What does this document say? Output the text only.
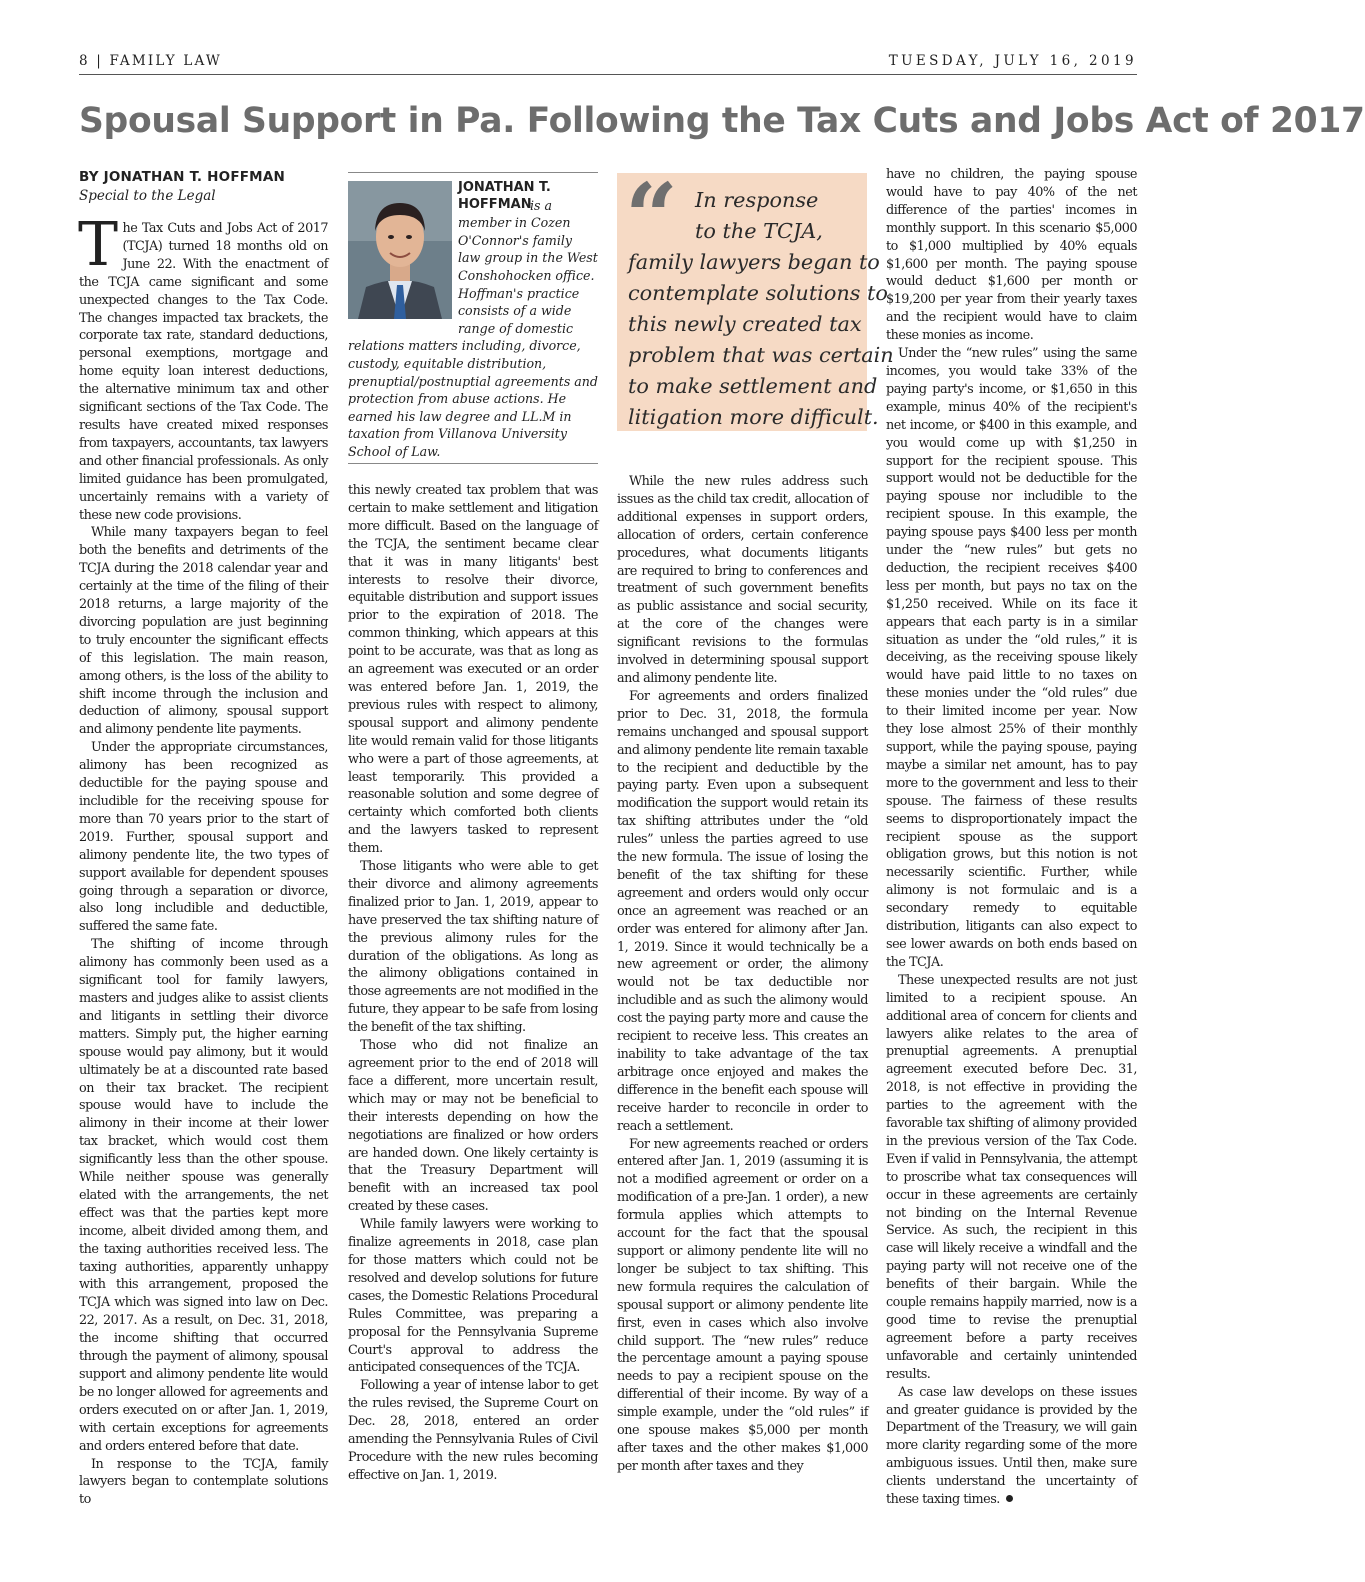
8 | FAMILY LAW	TUESDAY, JULY 16, 2019
Spousal Support in Pa. Following the Tax Cuts and Jobs Act of 2017
BY JONATHAN T. HOFFMAN
Special to the Legal

The Tax Cuts and Jobs Act of 2017 (TCJA) turned 18 months old on June 22. With the enactment of the TCJA came significant and some unexpected changes to the Tax Code. The changes impacted tax brackets, the corporate tax rate, standard deductions, personal exemptions, mortgage and home equity loan interest deductions, the alternative minimum tax and other significant sections of the Tax Code. The results have created mixed responses from taxpayers, accountants, tax lawyers and other financial professionals. As only limited guidance has been promulgated, uncertainly remains with a variety of these new code provisions.

While many taxpayers began to feel both the benefits and detriments of the TCJA during the 2018 calendar year and certainly at the time of the filing of their 2018 returns, a large majority of the divorcing population are just beginning to truly encounter the significant effects of this legislation. The main reason, among others, is the loss of the ability to shift income through the inclusion and deduction of alimony, spousal support and alimony pendente lite payments.

Under the appropriate circumstances, alimony has been recognized as deductible for the paying spouse and includible for the receiving spouse for more than 70 years prior to the start of 2019. Further, spousal support and alimony pendente lite, the two types of support available for dependent spouses going through a separation or divorce, also long includible and deductible, suffered the same fate.

The shifting of income through alimony has commonly been used as a significant tool for family lawyers, masters and judges alike to assist clients and litigants in settling their divorce matters. Simply put, the higher earning spouse would pay alimony, but it would ultimately be at a discounted rate based on their tax bracket. The recipient spouse would have to include the alimony in their income at their lower tax bracket, which would cost them significantly less than the other spouse. While neither spouse was generally elated with the arrangements, the net effect was that the parties kept more income, albeit divided among them, and the taxing authorities received less. The taxing authorities, apparently unhappy with this arrangement, proposed the TCJA which was signed into law on Dec. 22, 2017. As a result, on Dec. 31, 2018, the income shifting that occurred through the payment of alimony, spousal support and alimony pendente lite would be no longer allowed for agreements and orders executed on or after Jan. 1, 2019, with certain exceptions for agreements and orders entered before that date.

In response to the TCJA, family lawyers began to contemplate solutions to

JONATHAN T. HOFFMAN
is a
member in Cozen
O'Connor's family
law group in the West
Conshohocken office.
Hoffman's practice
consists of a wide
range of domestic
relations matters including, divorce,
custody, equitable distribution,
prenuptial/postnuptial agreements and
protection from abuse actions. He
earned his law degree and LL.M in
taxation from Villanova University
School of Law.

this newly created tax problem that was certain to make settlement and litigation more difficult. Based on the language of the TCJA, the sentiment became clear that it was in many litigants' best interests to resolve their divorce, equitable distribution and support issues prior to the expiration of 2018. The common thinking, which appears at this point to be accurate, was that as long as an agreement was executed or an order was entered before Jan. 1, 2019, the previous rules with respect to alimony, spousal support and alimony pendente lite would remain valid for those litigants who were a part of those agreements, at least temporarily. This provided a reasonable solution and some degree of certainty which comforted both clients and the lawyers tasked to represent them.

Those litigants who were able to get their divorce and alimony agreements finalized prior to Jan. 1, 2019, appear to have preserved the tax shifting nature of the previous alimony rules for the duration of the obligations. As long as the alimony obligations contained in those agreements are not modified in the future, they appear to be safe from losing the benefit of the tax shifting.

Those who did not finalize an agreement prior to the end of 2018 will face a different, more uncertain result, which may or may not be beneficial to their interests depending on how the negotiations are finalized or how orders are handed down. One likely certainty is that the Treasury Department will benefit with an increased tax pool created by these cases.

While family lawyers were working to finalize agreements in 2018, case plan for those matters which could not be resolved and develop solutions for future cases, the Domestic Relations Procedural Rules Committee, was preparing a proposal for the Pennsylvania Supreme Court's approval to address the anticipated consequences of the TCJA.

Following a year of intense labor to get the rules revised, the Supreme Court on Dec. 28, 2018, entered an order amending the Pennsylvania Rules of Civil Procedure with the new rules becoming effective on Jan. 1, 2019.

“ In response
to the TCJA,
family lawyers began to
contemplate solutions to
this newly created tax
problem that was certain
to make settlement and
litigation more difficult.

While the new rules address such issues as the child tax credit, allocation of additional expenses in support orders, allocation of orders, certain conference procedures, what documents litigants are required to bring to conferences and treatment of such government benefits as public assistance and social security, at the core of the changes were significant revisions to the formulas involved in determining spousal support and alimony pendente lite.

For agreements and orders finalized prior to Dec. 31, 2018, the formula remains unchanged and spousal support and alimony pendente lite remain taxable to the recipient and deductible by the paying party. Even upon a subsequent modification the support would retain its tax shifting attributes under the “old rules” unless the parties agreed to use the new formula. The issue of losing the benefit of the tax shifting for these agreement and orders would only occur once an agreement was reached or an order was entered for alimony after Jan. 1, 2019. Since it would technically be a new agreement or order, the alimony would not be tax deductible nor includible and as such the alimony would cost the paying party more and cause the recipient to receive less. This creates an inability to take advantage of the tax arbitrage once enjoyed and makes the difference in the benefit each spouse will receive harder to reconcile in order to reach a settlement.

For new agreements reached or orders entered after Jan. 1, 2019 (assuming it is not a modified agreement or order on a modification of a pre-Jan. 1 order), a new formula applies which attempts to account for the fact that the spousal support or alimony pendente lite will no longer be subject to tax shifting. This new formula requires the calculation of spousal support or alimony pendente lite first, even in cases which also involve child support. The “new rules” reduce the percentage amount a paying spouse needs to pay a recipient spouse on the differential of their income. By way of a simple example, under the “old rules” if one spouse makes $5,000 per month after taxes and the other makes $1,000 per month after taxes and they

have no children, the paying spouse would have to pay 40% of the net difference of the parties' incomes in monthly support. In this scenario $5,000 to $1,000 multiplied by 40% equals $1,600 per month. The paying spouse would deduct $1,600 per month or $19,200 per year from their yearly taxes and the recipient would have to claim these monies as income.

Under the “new rules” using the same incomes, you would take 33% of the paying party's income, or $1,650 in this example, minus 40% of the recipient's net income, or $400 in this example, and you would come up with $1,250 in support for the recipient spouse. This support would not be deductible for the paying spouse nor includible to the recipient spouse. In this example, the paying spouse pays $400 less per month under the “new rules” but gets no deduction, the recipient receives $400 less per month, but pays no tax on the $1,250 received. While on its face it appears that each party is in a similar situation as under the “old rules,” it is deceiving, as the receiving spouse likely would have paid little to no taxes on these monies under the “old rules” due to their limited income per year. Now they lose almost 25% of their monthly support, while the paying spouse, paying maybe a similar net amount, has to pay more to the government and less to their spouse. The fairness of these results seems to disproportionately impact the recipient spouse as the support obligation grows, but this notion is not necessarily scientific. Further, while alimony is not formulaic and is a secondary remedy to equitable distribution, litigants can also expect to see lower awards on both ends based on the TCJA.

These unexpected results are not just limited to a recipient spouse. An additional area of concern for clients and lawyers alike relates to the area of prenuptial agreements. A prenuptial agreement executed before Dec. 31, 2018, is not effective in providing the parties to the agreement with the favorable tax shifting of alimony provided in the previous version of the Tax Code. Even if valid in Pennsylvania, the attempt to proscribe what tax consequences will occur in these agreements are certainly not binding on the Internal Revenue Service. As such, the recipient in this case will likely receive a windfall and the paying party will not receive one of the benefits of their bargain. While the couple remains happily married, now is a good time to revise the prenuptial agreement before a party receives unfavorable and certainly unintended results.

As case law develops on these issues and greater guidance is provided by the Department of the Treasury, we will gain more clarity regarding some of the more ambiguous issues. Until then, make sure clients understand the uncertainty of these taxing times.
